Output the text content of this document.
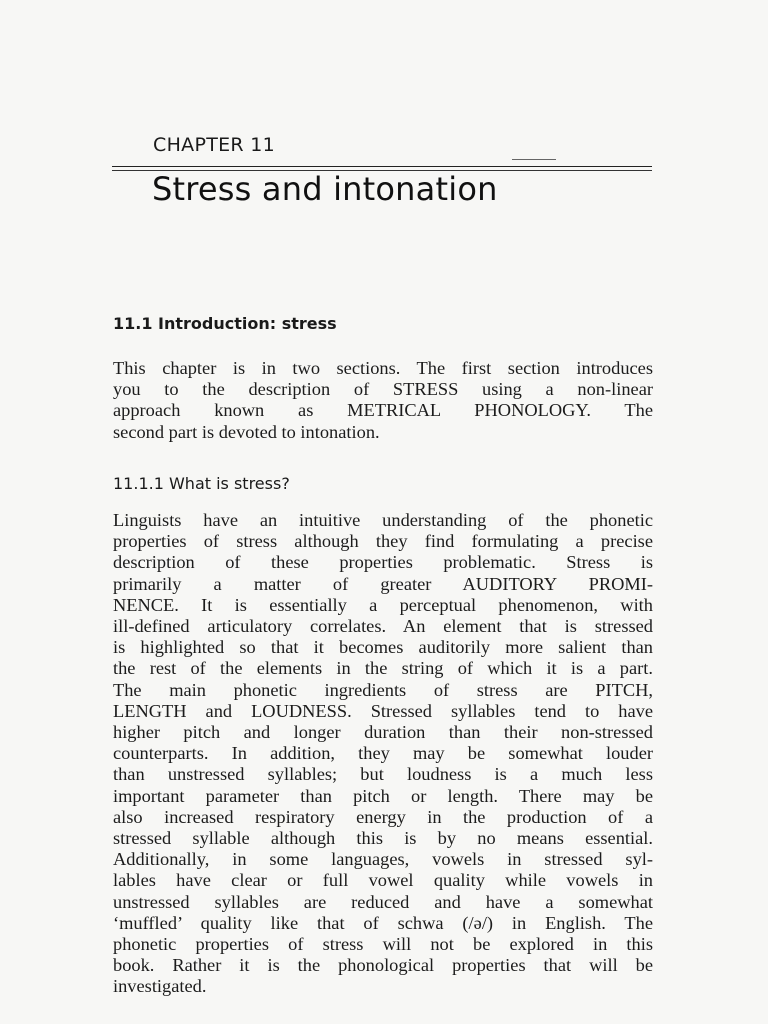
CHAPTER 11
Stress and intonation
11.1 Introduction: stress
This chapter is in two sections. The first section introduces
you to the description of STRESS using a non-linear
approach known as METRICAL PHONOLOGY. The
second part is devoted to intonation.
11.1.1 What is stress?
Linguists have an intuitive understanding of the phonetic
properties of stress although they find formulating a precise
description of these properties problematic. Stress is
primarily a matter of greater AUDITORY PROMI-
NENCE. It is essentially a perceptual phenomenon, with
ill-defined articulatory correlates. An element that is stressed
is highlighted so that it becomes auditorily more salient than
the rest of the elements in the string of which it is a part.
The main phonetic ingredients of stress are PITCH,
LENGTH and LOUDNESS. Stressed syllables tend to have
higher pitch and longer duration than their non-stressed
counterparts. In addition, they may be somewhat louder
than unstressed syllables; but loudness is a much less
important parameter than pitch or length. There may be
also increased respiratory energy in the production of a
stressed syllable although this is by no means essential.
Additionally, in some languages, vowels in stressed syl-
lables have clear or full vowel quality while vowels in
unstressed syllables are reduced and have a somewhat
‘muffled’ quality like that of schwa (/ə/) in English. The
phonetic properties of stress will not be explored in this
book. Rather it is the phonological properties that will be
investigated.
